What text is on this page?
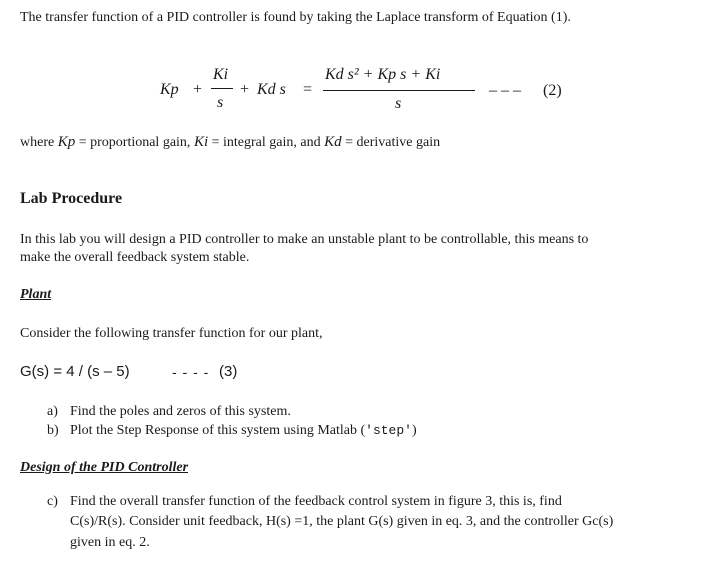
The transfer function of a PID controller is found by taking the Laplace transform of Equation (1).
Kp +
Ki
s
+ Kd s =
Kd s² + Kp s + Ki
s
– – – (2)
where Kp = proportional gain, Ki = integral gain, and Kd = derivative gain
Lab Procedure
In this lab you will design a PID controller to make an unstable plant to be controllable, this means to
make the overall feedback system stable.
Plant
Consider the following transfer function for our plant,
G(s) = 4 / (s – 5)	- - - - (3)
a) Find the poles and zeros of this system.
b) Plot the Step Response of this system using Matlab ('step')
Design of the PID Controller
c) Find the overall transfer function of the feedback control system in figure 3, this is, find
C(s)/R(s). Consider unit feedback, H(s) =1, the plant G(s) given in eq. 3, and the controller Gc(s)
given in eq. 2.
